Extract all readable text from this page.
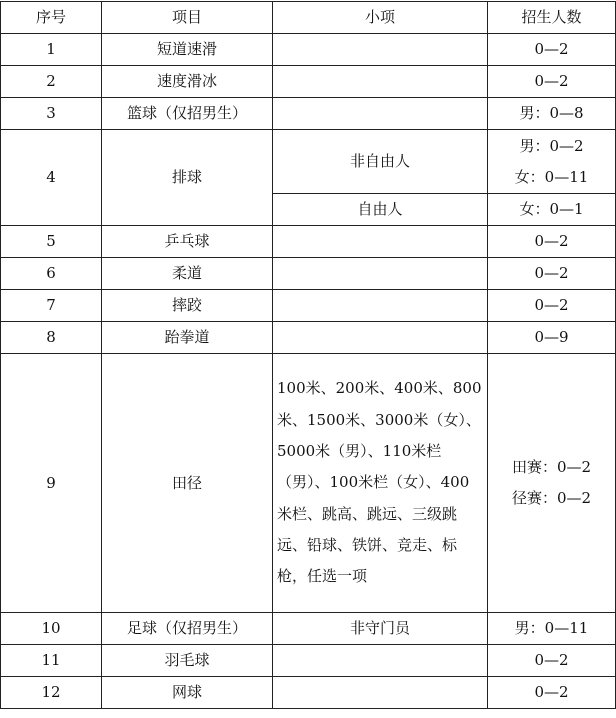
序号	项目	小项	招生人数
1	短道速滑		0—2
2	速度滑冰		0—2
3	篮球（仅招男生）		男：0—8
4	排球	非自由人	男：0—2
女：0—11

		自由人	女：0—1
5	乒乓球		0—2
6	柔道		0—2
7	摔跤		0—2
8	跆拳道		0—9
9	田径	100米、200米、400米、800米、1500米、3000米（女）、5000米（男）、110米栏（男）、100米栏（女）、400米栏、跳高、跳远、三级跳远、铅球、铁饼、竞走、标枪，任选一项	田赛：0—2
径赛：0—2

10	足球（仅招男生）	非守门员	男：0—11
11	羽毛球		0—2
12	网球		0—2
